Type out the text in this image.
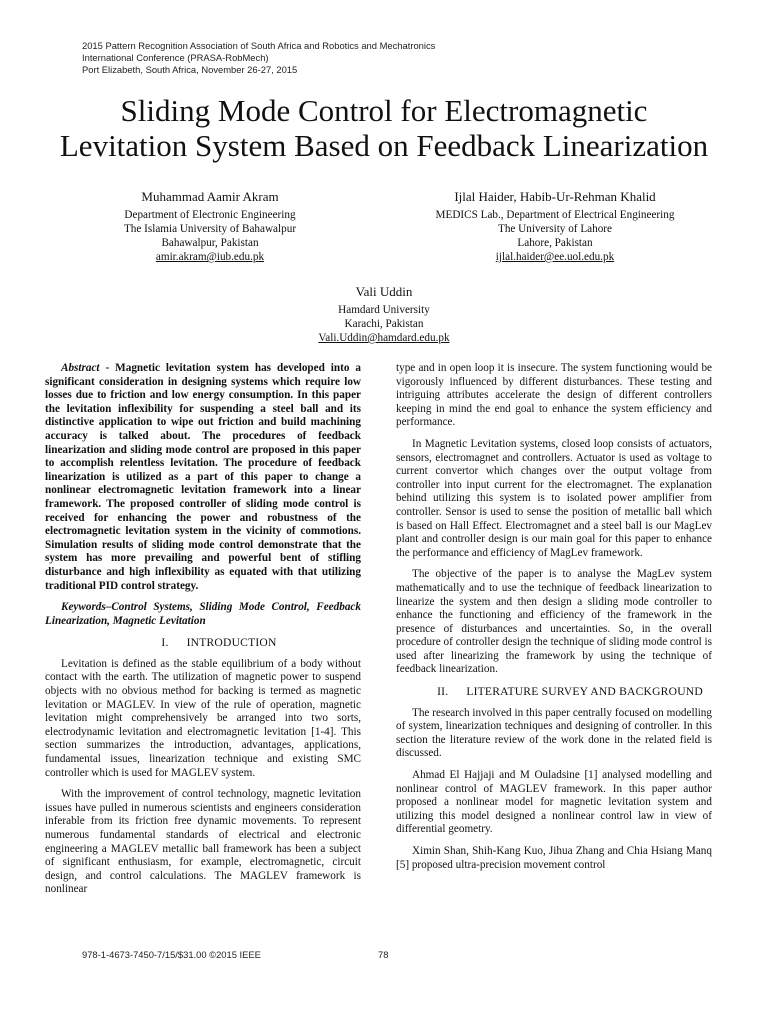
2015 Pattern Recognition Association of South Africa and Robotics and Mechatronics
International Conference (PRASA-RobMech)
Port Elizabeth, South Africa, November 26-27, 2015
Sliding Mode Control for Electromagnetic
Levitation System Based on Feedback Linearization
Muhammad Aamir Akram
Department of Electronic Engineering
The Islamia University of Bahawalpur
Bahawalpur, Pakistan
amir.akram@iub.edu.pk
Ijlal Haider, Habib-Ur-Rehman Khalid
MEDICS Lab., Department of Electrical Engineering
The University of Lahore
Lahore, Pakistan
ijlal.haider@ee.uol.edu.pk
Vali Uddin
Hamdard University
Karachi, Pakistan
Vali.Uddin@hamdard.edu.pk

Abstract - Magnetic levitation system has developed into a significant consideration in designing systems which require low losses due to friction and low energy consumption. In this paper the levitation inflexibility for suspending a steel ball and its distinctive application to wipe out friction and build machining accuracy is talked about. The procedures of feedback linearization and sliding mode control are proposed in this paper to accomplish relentless levitation. The procedure of feedback linearization is utilized as a part of this paper to change a nonlinear electromagnetic levitation framework into a linear framework. The proposed controller of sliding mode control is received for enhancing the power and robustness of the electromagnetic levitation system in the vicinity of commotions. Simulation results of sliding mode control demonstrate that the system has more prevailing and powerful bent of stifling disturbance and high inflexibility as equated with that utilizing traditional PID control strategy.

Keywords–Control Systems, Sliding Mode Control, Feedback Linearization, Magnetic Levitation

I. INTRODUCTION

Levitation is defined as the stable equilibrium of a body without contact with the earth. The utilization of magnetic power to suspend objects with no obvious method for backing is termed as magnetic levitation or MAGLEV. In view of the rule of operation, magnetic levitation might comprehensively be arranged into two sorts, electrodynamic levitation and electromagnetic levitation [1-4]. This section summarizes the introduction, advantages, applications, fundamental issues, linearization technique and existing SMC controller which is used for MAGLEV system.

With the improvement of control technology, magnetic levitation issues have pulled in numerous scientists and engineers consideration inferable from its friction free dynamic movements. To represent numerous fundamental standards of electrical and electronic engineering a MAGLEV metallic ball framework has been a subject of significant enthusiasm, for example, electromagnetic, circuit design, and control calculations. The MAGLEV framework is nonlinear

type and in open loop it is insecure. The system functioning would be vigorously influenced by different disturbances. These testing and intriguing attributes accelerate the design of different controllers keeping in mind the end goal to enhance the system efficiency and performance.

In Magnetic Levitation systems, closed loop consists of actuators, sensors, electromagnet and controllers. Actuator is used as voltage to current convertor which changes over the output voltage from controller into input current for the electromagnet. The explanation behind utilizing this system is to isolated power amplifier from controller. Sensor is used to sense the position of metallic ball which is based on Hall Effect. Electromagnet and a steel ball is our MagLev plant and controller design is our main goal for this paper to enhance the performance and efficiency of MagLev framework.

The objective of the paper is to analyse the MagLev system mathematically and to use the technique of feedback linearization to linearize the system and then design a sliding mode controller to enhance the functioning and efficiency of the framework in the presence of disturbances and uncertainties. So, in the overall procedure of controller design the technique of sliding mode control is used after linearizing the framework by using the technique of feedback linearization.

II. LITERATURE SURVEY AND BACKGROUND

The research involved in this paper centrally focused on modelling of system, linearization techniques and designing of controller. In this section the literature review of the work done in the related field is discussed.

Ahmad El Hajjaji and M Ouladsine [1] analysed modelling and nonlinear control of MAGLEV framework. In this paper author proposed a nonlinear model for magnetic levitation system and utilizing this model designed a nonlinear control law in view of differential geometry.

Ximin Shan, Shih-Kang Kuo, Jihua Zhang and Chia Hsiang Manq [5] proposed ultra-precision movement control

978-1-4673-7450-7/15/$31.00 ©2015 IEEE	78
